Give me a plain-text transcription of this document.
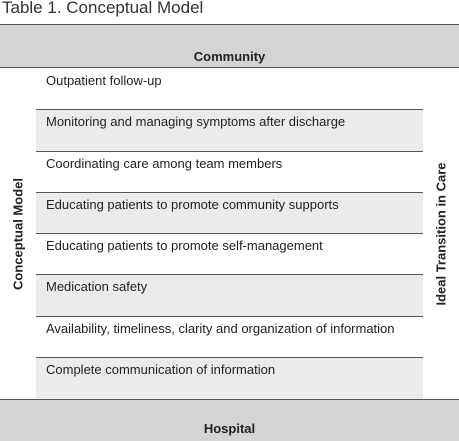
Table 1. Conceptual Model
Community
Conceptual Model
Outpatient follow-up
Monitoring and managing symptoms after discharge
Coordinating care among team members
Educating patients to promote community supports
Educating patients to promote self-management
Medication safety
Availability, timeliness, clarity and organization of information
Complete communication of information
Ideal Transition in Care
Hospital
